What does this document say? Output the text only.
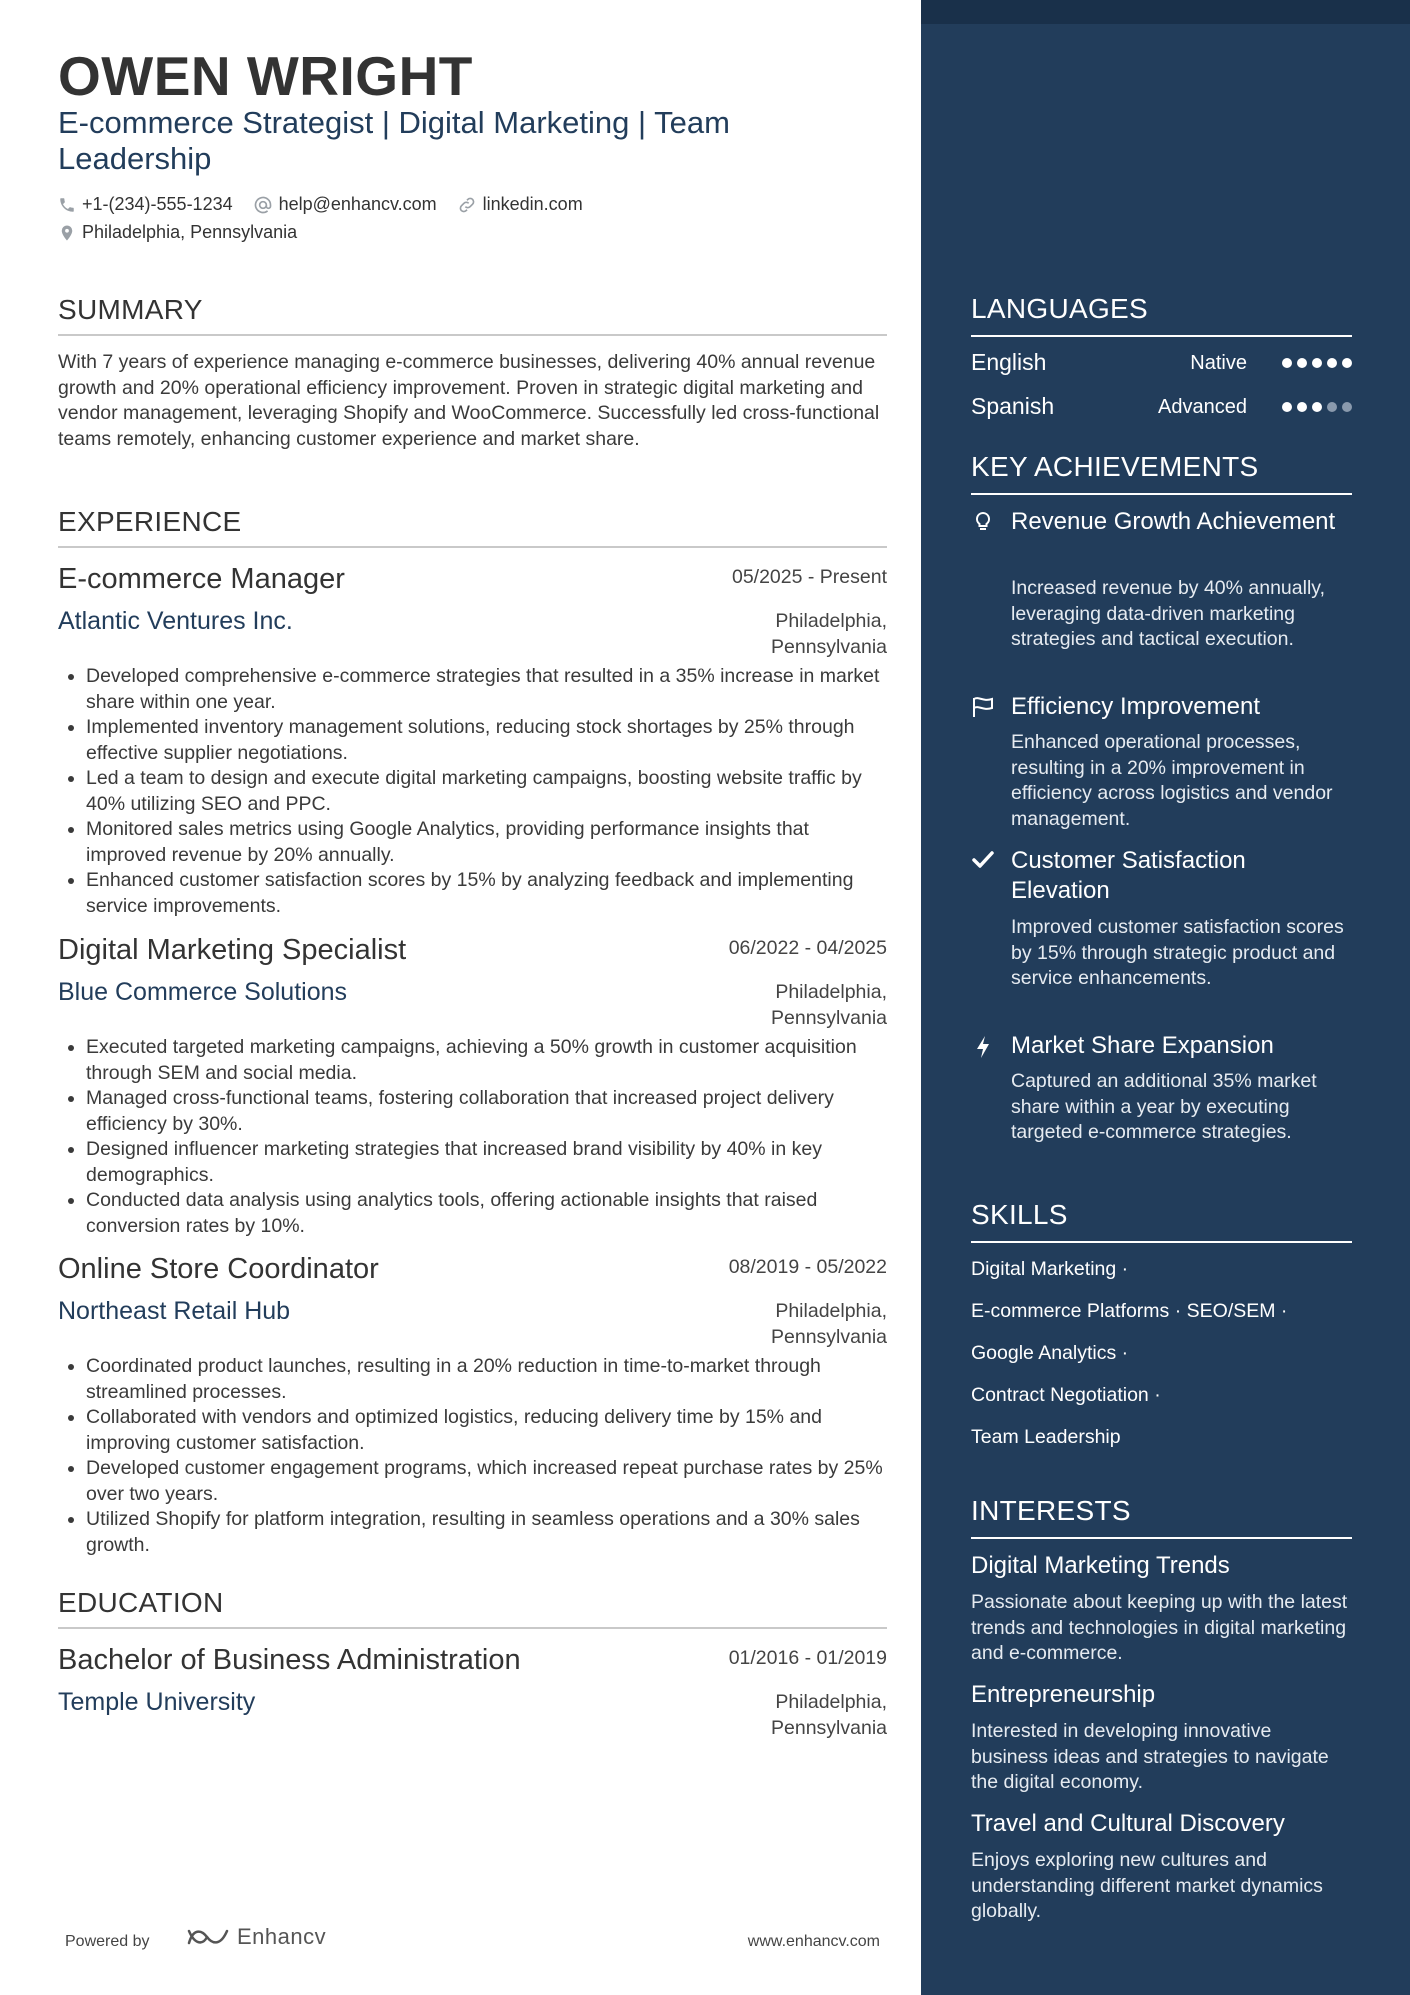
OWEN WRIGHT
E-commerce Strategist | Digital Marketing | Team Leadership
+1-(234)-555-1234	help@enhancv.com	linkedin.com
Philadelphia, Pennsylvania
SUMMARY
With 7 years of experience managing e-commerce businesses, delivering 40% annual revenue growth and 20% operational efficiency improvement. Proven in strategic digital marketing and vendor management, leveraging Shopify and WooCommerce. Successfully led cross-functional teams remotely, enhancing customer experience and market share.
EXPERIENCE
E-commerce Manager	05/2025 - Present
Atlantic Ventures Inc.	Philadelphia, Pennsylvania
• Developed comprehensive e-commerce strategies that resulted in a 35% increase in market share within one year.
• Implemented inventory management solutions, reducing stock shortages by 25% through effective supplier negotiations.
• Led a team to design and execute digital marketing campaigns, boosting website traffic by 40% utilizing SEO and PPC.
• Monitored sales metrics using Google Analytics, providing performance insights that improved revenue by 20% annually.
• Enhanced customer satisfaction scores by 15% by analyzing feedback and implementing service improvements.
Digital Marketing Specialist	06/2022 - 04/2025
Blue Commerce Solutions	Philadelphia, Pennsylvania
• Executed targeted marketing campaigns, achieving a 50% growth in customer acquisition through SEM and social media.
• Managed cross-functional teams, fostering collaboration that increased project delivery efficiency by 30%.
• Designed influencer marketing strategies that increased brand visibility by 40% in key demographics.
• Conducted data analysis using analytics tools, offering actionable insights that raised conversion rates by 10%.
Online Store Coordinator	08/2019 - 05/2022
Northeast Retail Hub	Philadelphia, Pennsylvania
• Coordinated product launches, resulting in a 20% reduction in time-to-market through streamlined processes.
• Collaborated with vendors and optimized logistics, reducing delivery time by 15% and improving customer satisfaction.
• Developed customer engagement programs, which increased repeat purchase rates by 25% over two years.
• Utilized Shopify for platform integration, resulting in seamless operations and a 30% sales growth.
EDUCATION
Bachelor of Business Administration	01/2016 - 01/2019
Temple University	Philadelphia, Pennsylvania
Powered by	Enhancv	www.enhancv.com
LANGUAGES
English	Native
Spanish	Advanced
KEY ACHIEVEMENTS
Revenue Growth Achievement
Increased revenue by 40% annually, leveraging data-driven marketing strategies and tactical execution.
Efficiency Improvement
Enhanced operational processes, resulting in a 20% improvement in efficiency across logistics and vendor management.
Customer Satisfaction Elevation
Improved customer satisfaction scores by 15% through strategic product and service enhancements.
Market Share Expansion
Captured an additional 35% market share within a year by executing targeted e-commerce strategies.
SKILLS
Digital Marketing ·
E-commerce Platforms · SEO/SEM ·
Google Analytics ·
Contract Negotiation ·
Team Leadership
INTERESTS
Digital Marketing Trends
Passionate about keeping up with the latest trends and technologies in digital marketing and e-commerce.
Entrepreneurship
Interested in developing innovative business ideas and strategies to navigate the digital economy.
Travel and Cultural Discovery
Enjoys exploring new cultures and understanding different market dynamics globally.
